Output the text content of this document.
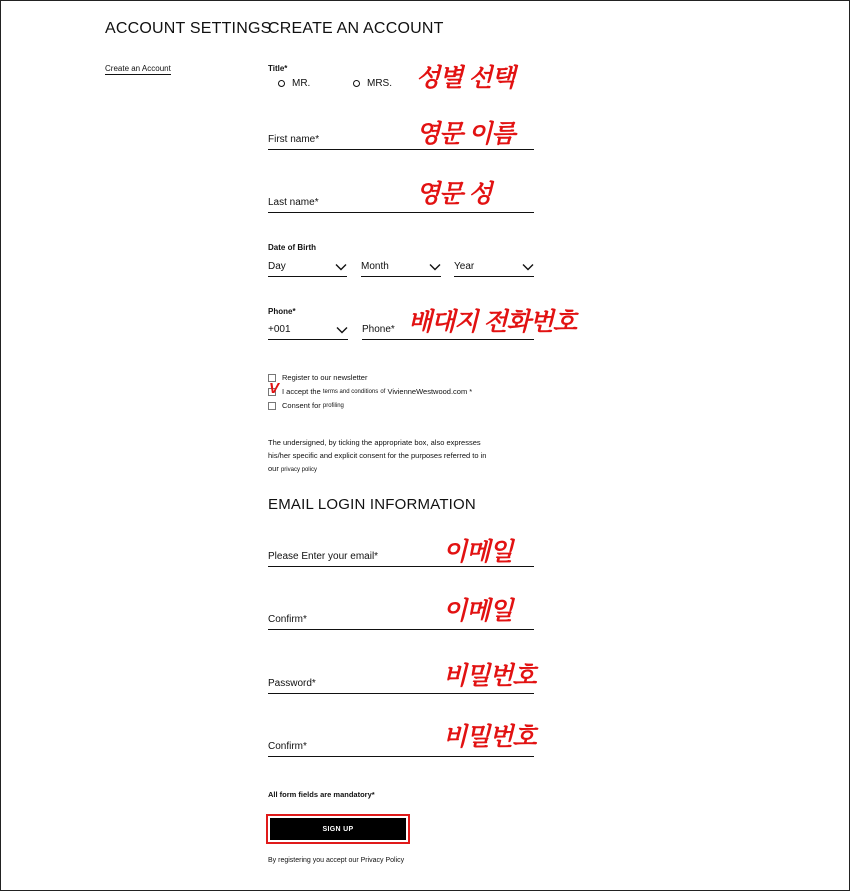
ACCOUNT SETTINGS
Create an Account
CREATE AN ACCOUNT
Title*
MR.	MRS.
First name*
Last name*
Date of Birth
Day	Month	Year
Phone*
+001	Phone*
Register to our newsletter
I accept the
terms and conditions
of
VivienneWestwood.com *
Consent for
profiling
V
The undersigned, by ticking the appropriate box, also expresses
his/her specific and explicit consent for the purposes referred to in
our privacy policy
EMAIL LOGIN INFORMATION
Please Enter your email*
Confirm*
Password*
Confirm*
All form fields are mandatory*
SIGN UP
By registering you accept our Privacy Policy
성별 선택
영문 이름
영문 성
배대지 전화번호
이메일
이메일
비밀번호
비밀번호
